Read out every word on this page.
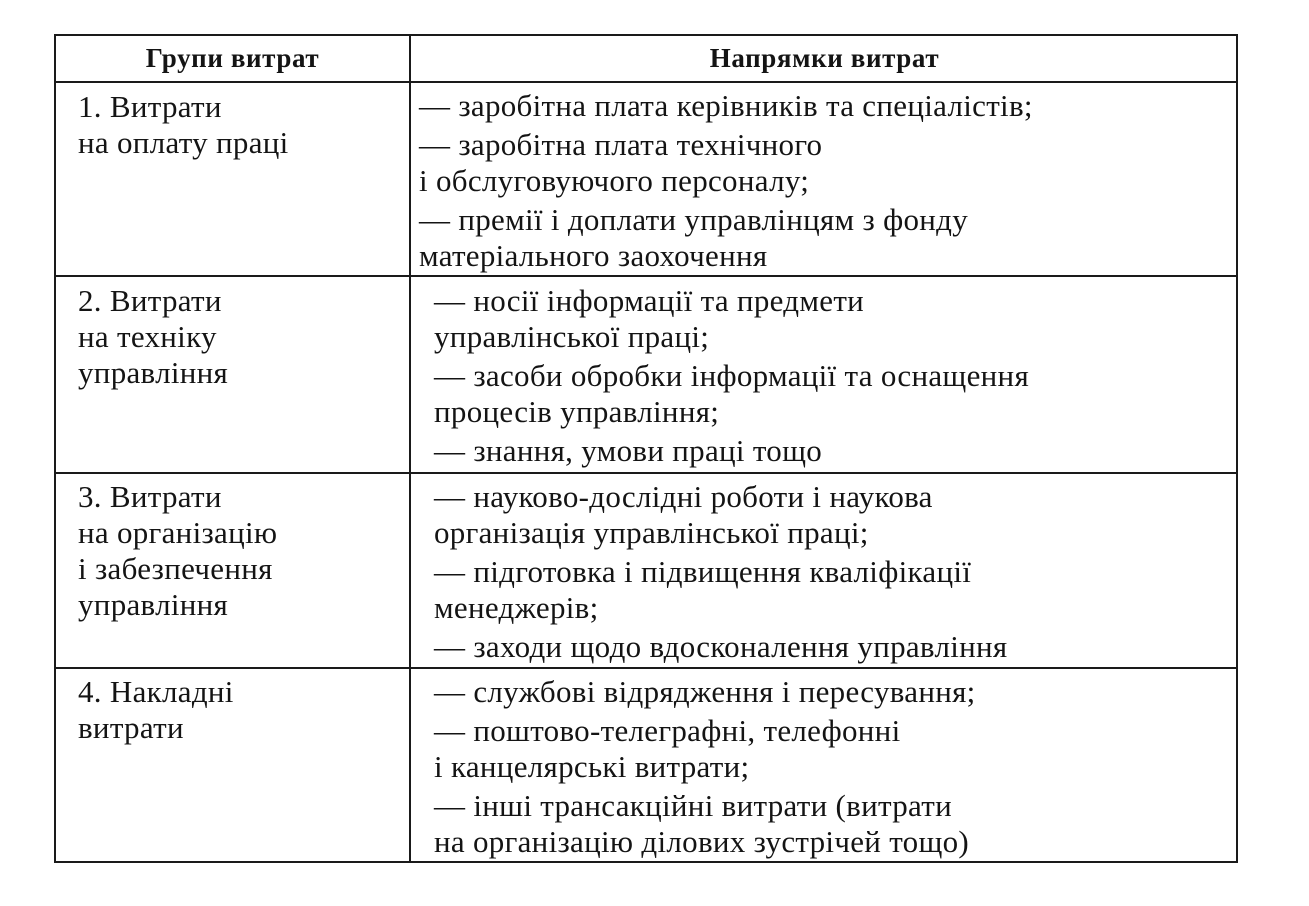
Групи витрат	Напрямки витрат
1. Витрати
на оплату праці
— заробітна плата керівників та спеціалістів;
— заробітна плата технічного
і обслуговуючого персоналу;
— премії і доплати управлінцям з фонду
матеріального заохочення
2. Витрати
на техніку
управління
— носії інформації та предмети
управлінської праці;
— засоби обробки інформації та оснащення
процесів управління;
— знання, умови праці тощо
3. Витрати
на організацію
і забезпечення
управління
— науково-дослідні роботи і наукова
організація управлінської праці;
— підготовка і підвищення кваліфікації
менеджерів;
— заходи щодо вдосконалення управління
4. Накладні
витрати
— службові відрядження і пересування;
— поштово-телеграфні, телефонні
і канцелярські витрати;
— інші трансакційні витрати (витрати
на організацію ділових зустрічей тощо)
